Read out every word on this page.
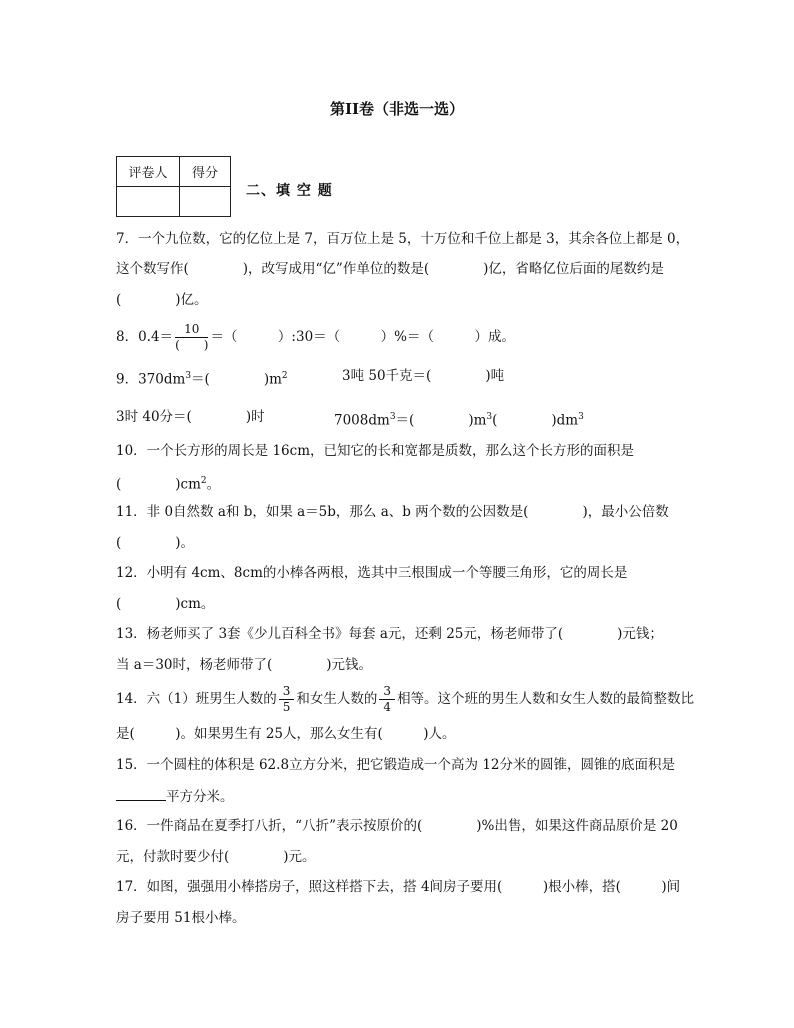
第II卷（非选一选）
评卷人	得分

二、填 空 题
7．一个九位数，它的亿位上是 7，百万位上是 5，十万位和千位上都是 3，其余各位上都是 0，
这个数写作(　　　　)，改写成用“亿”作单位的数是(　　　　)亿，省略亿位后面的尾数约是
(　　　　)亿。
8．$0.4= \frac{10}{( )}$ ＝（　　　）:30＝（　　　）%＝（　　　）成。
9．$370dm^3=$(　　　　)$m^2$	3吨 50千克＝(　　　　)吨
3时 40分＝(　　　　)时	$7008dm^3=$(　　　　)$m^3$(　　　　)$dm^3$
10．一个长方形的周长是 16cm，已知它的长和宽都是质数，那么这个长方形的面积是
(　　　　)$cm^2$。
11．非 0自然数 a和 b，如果 a＝5b，那么 a、b 两个数的公因数是(　　　　)，最小公倍数
(　　　　)。
12．小明有 4cm、8cm的小棒各两根，选其中三根围成一个等腰三角形，它的周长是
(　　　　)cm。
13．杨老师买了 3套《少儿百科全书》每套 a元，还剩 25元，杨老师带了(　　　　)元钱；
当 a＝30时，杨老师带了(　　　　)元钱。
14．六（1）班男生人数的 $\frac{3}{5}$ 和女生人数的 $\frac{3}{4}$ 相等。这个班的男生人数和女生人数的最简整数比
是(　　　)。如果男生有 25人，那么女生有(　　　)人。
15．一个圆柱的体积是 62.8立方分米，把它锻造成一个高为 12分米的圆锥，圆锥的底面积是
平方分米。
16．一件商品在夏季打八折，“八折”表示按原价的(　　　　)%出售，如果这件商品原价是 20
元，付款时要少付(　　　　)元。
17．如图，强强用小棒搭房子，照这样搭下去，搭 4间房子要用(　　　)根小棒，搭(　　　)间
房子要用 51根小棒。
